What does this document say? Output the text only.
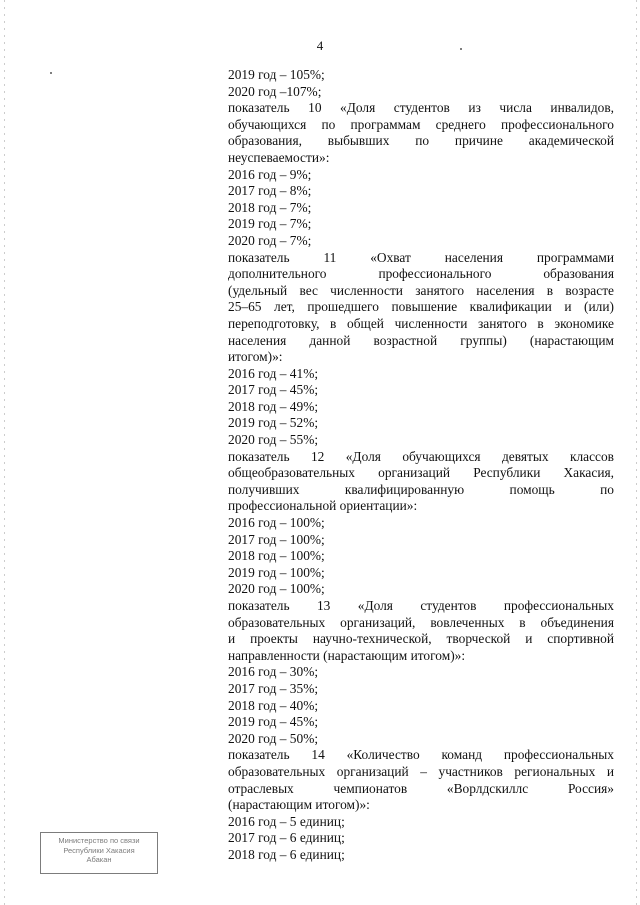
4
2019 год – 105%;
2020 год –107%;
показатель 10 «Доля студентов из числа инвалидов,
обучающихся по программам среднего профессионального
образования, выбывших по причине академической
неуспеваемости»:
2016 год – 9%;
2017 год – 8%;
2018 год – 7%;
2019 год – 7%;
2020 год – 7%;
показатель 11 «Охват населения программами
дополнительного профессионального образования
(удельный вес численности занятого населения в возрасте
25–65 лет, прошедшего повышение квалификации и (или)
переподготовку, в общей численности занятого в экономике
населения данной возрастной группы) (нарастающим
итогом)»:
2016 год – 41%;
2017 год – 45%;
2018 год – 49%;
2019 год – 52%;
2020 год – 55%;
показатель 12 «Доля обучающихся девятых классов
общеобразовательных организаций Республики Хакасия,
получивших квалифицированную помощь по
профессиональной ориентации»:
2016 год – 100%;
2017 год – 100%;
2018 год – 100%;
2019 год – 100%;
2020 год – 100%;
показатель 13 «Доля студентов профессиональных
образовательных организаций, вовлеченных в объединения
и проекты научно-технической, творческой и спортивной
направленности (нарастающим итогом)»:
2016 год – 30%;
2017 год – 35%;
2018 год – 40%;
2019 год – 45%;
2020 год – 50%;
показатель 14 «Количество команд профессиональных
образовательных организаций – участников региональных и
отраслевых чемпионатов «Ворлдскиллс Россия»
(нарастающим итогом)»:
2016 год – 5 единиц;
2017 год – 6 единиц;
2018 год – 6 единиц;
Министерство по связи
Республики Хакасия
Абакан
